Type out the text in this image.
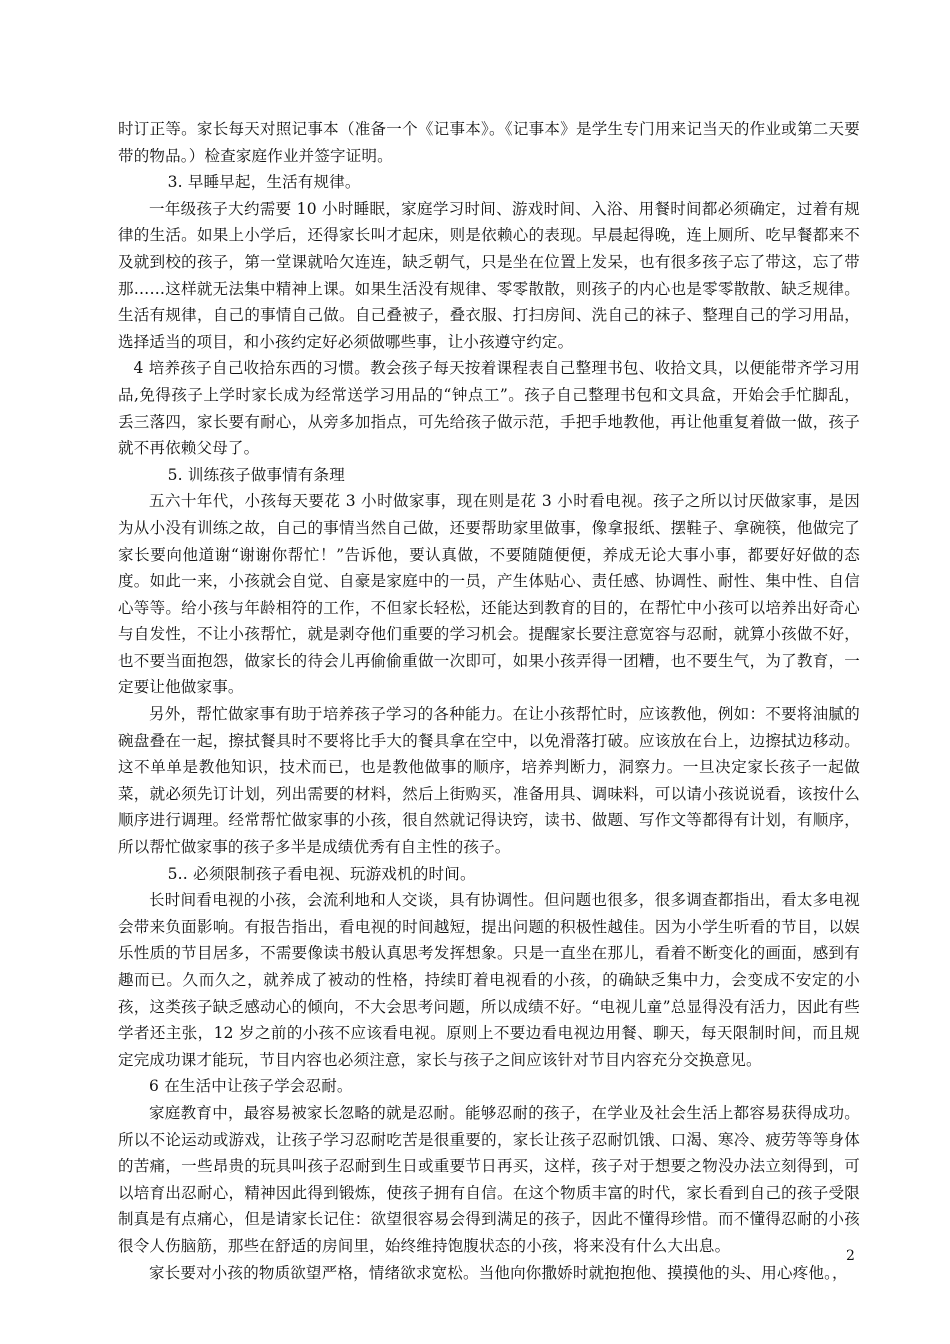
时订正等。家长每天对照记事本（准备一个《记事本》。《记事本》是学生专门用来记当天的作业或第二天要带的物品。）检查家庭作业并签字证明。

3. 早睡早起，生活有规律。

一年级孩子大约需要 10 小时睡眠，家庭学习时间、游戏时间、入浴、用餐时间都必须确定，过着有规律的生活。如果上小学后，还得家长叫才起床，则是依赖心的表现。早晨起得晚，连上厕所、吃早餐都来不及就到校的孩子，第一堂课就哈欠连连，缺乏朝气，只是坐在位置上发呆，也有很多孩子忘了带这，忘了带那……这样就无法集中精神上课。如果生活没有规律、零零散散，则孩子的内心也是零零散散、缺乏规律。生活有规律，自己的事情自己做。自己叠被子，叠衣服、打扫房间、洗自己的袜子、整理自己的学习用品，选择适当的项目，和小孩约定好必须做哪些事，让小孩遵守约定。

4 培养孩子自己收拾东西的习惯。教会孩子每天按着课程表自己整理书包、收拾文具，以便能带齐学习用品,免得孩子上学时家长成为经常送学习用品的“钟点工”。孩子自己整理书包和文具盒，开始会手忙脚乱，丢三落四，家长要有耐心，从旁多加指点，可先给孩子做示范，手把手地教他，再让他重复着做一做，孩子就不再依赖父母了。

5. 训练孩子做事情有条理

五六十年代，小孩每天要花 3 小时做家事，现在则是花 3 小时看电视。孩子之所以讨厌做家事，是因为从小没有训练之故，自己的事情当然自己做，还要帮助家里做事，像拿报纸、摆鞋子、拿碗筷，他做完了家长要向他道谢“谢谢你帮忙！”告诉他，要认真做，不要随随便便，养成无论大事小事，都要好好做的态度。如此一来，小孩就会自觉、自豪是家庭中的一员，产生体贴心、责任感、协调性、耐性、集中性、自信心等等。给小孩与年龄相符的工作，不但家长轻松，还能达到教育的目的，在帮忙中小孩可以培养出好奇心与自发性，不让小孩帮忙，就是剥夺他们重要的学习机会。提醒家长要注意宽容与忍耐，就算小孩做不好，也不要当面抱怨，做家长的待会儿再偷偷重做一次即可，如果小孩弄得一团糟，也不要生气，为了教育，一定要让他做家事。

另外，帮忙做家事有助于培养孩子学习的各种能力。在让小孩帮忙时，应该教他，例如：不要将油腻的碗盘叠在一起，擦拭餐具时不要将比手大的餐具拿在空中，以免滑落打破。应该放在台上，边擦拭边移动。这不单单是教他知识，技术而已，也是教他做事的顺序，培养判断力，洞察力。一旦决定家长孩子一起做菜，就必须先订计划，列出需要的材料，然后上街购买，准备用具、调味料，可以请小孩说说看，该按什么顺序进行调理。经常帮忙做家事的小孩，很自然就记得诀窍，读书、做题、写作文等都得有计划，有顺序，所以帮忙做家事的孩子多半是成绩优秀有自主性的孩子。

5.. 必须限制孩子看电视、玩游戏机的时间。

长时间看电视的小孩，会流利地和人交谈，具有协调性。但问题也很多，很多调查都指出，看太多电视会带来负面影响。有报告指出，看电视的时间越短，提出问题的积极性越佳。因为小学生听看的节目，以娱乐性质的节目居多，不需要像读书般认真思考发挥想象。只是一直坐在那儿，看着不断变化的画面，感到有趣而已。久而久之，就养成了被动的性格，持续盯着电视看的小孩，的确缺乏集中力，会变成不安定的小孩，这类孩子缺乏感动心的倾向，不大会思考问题，所以成绩不好。“电视儿童”总显得没有活力，因此有些学者还主张，12 岁之前的小孩不应该看电视。原则上不要边看电视边用餐、聊天，每天限制时间，而且规定完成功课才能玩，节目内容也必须注意，家长与孩子之间应该针对节目内容充分交换意见。

6 在生活中让孩子学会忍耐。

家庭教育中，最容易被家长忽略的就是忍耐。能够忍耐的孩子，在学业及社会生活上都容易获得成功。所以不论运动或游戏，让孩子学习忍耐吃苦是很重要的，家长让孩子忍耐饥饿、口渴、寒冷、疲劳等等身体的苦痛，一些昂贵的玩具叫孩子忍耐到生日或重要节日再买，这样，孩子对于想要之物没办法立刻得到，可以培育出忍耐心，精神因此得到锻炼，使孩子拥有自信。在这个物质丰富的时代，家长看到自己的孩子受限制真是有点痛心，但是请家长记住：欲望很容易会得到满足的孩子，因此不懂得珍惜。而不懂得忍耐的小孩很令人伤脑筋，那些在舒适的房间里，始终维持饱腹状态的小孩，将来没有什么大出息。

家长要对小孩的物质欲望严格，情绪欲求宽松。当他向你撒娇时就抱抱他、摸摸他的头、用心疼他。，

2
